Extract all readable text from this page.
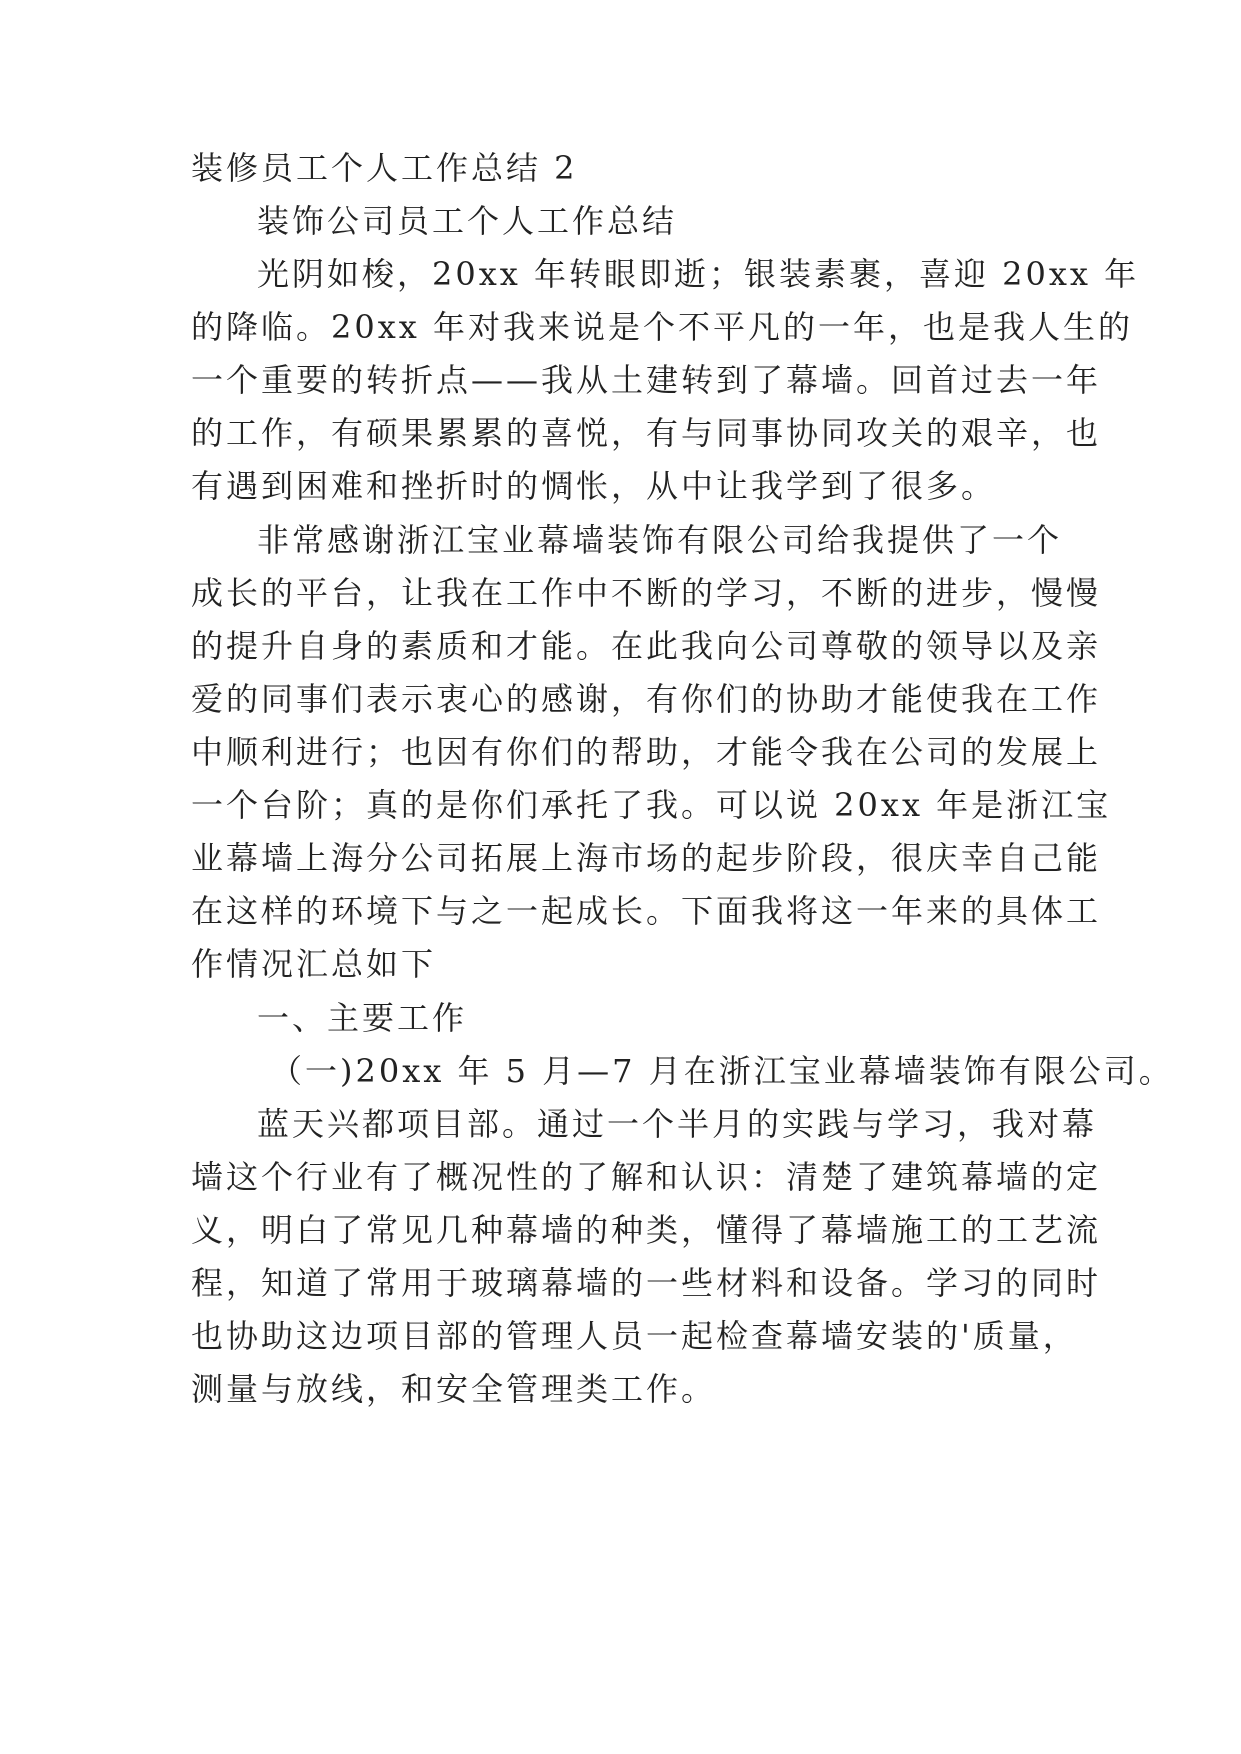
装修员工个人工作总结 2
装饰公司员工个人工作总结
光阴如梭，20xx 年转眼即逝；银装素裹，喜迎 20xx 年
的降临。20xx 年对我来说是个不平凡的一年，也是我人生的
一个重要的转折点——我从土建转到了幕墙。回首过去一年
的工作，有硕果累累的喜悦，有与同事协同攻关的艰辛，也
有遇到困难和挫折时的惆怅，从中让我学到了很多。
非常感谢浙江宝业幕墙装饰有限公司给我提供了一个
成长的平台，让我在工作中不断的学习，不断的进步，慢慢
的提升自身的素质和才能。在此我向公司尊敬的领导以及亲
爱的同事们表示衷心的感谢，有你们的协助才能使我在工作
中顺利进行；也因有你们的帮助，才能令我在公司的发展上
一个台阶；真的是你们承托了我。可以说 20xx 年是浙江宝
业幕墙上海分公司拓展上海市场的起步阶段，很庆幸自己能
在这样的环境下与之一起成长。下面我将这一年来的具体工
作情况汇总如下
一、主要工作
（一)20xx 年 5 月—7 月在浙江宝业幕墙装饰有限公司。
蓝天兴都项目部。通过一个半月的实践与学习，我对幕
墙这个行业有了概况性的了解和认识：清楚了建筑幕墙的定
义，明白了常见几种幕墙的种类，懂得了幕墙施工的工艺流
程，知道了常用于玻璃幕墙的一些材料和设备。学习的同时
也协助这边项目部的管理人员一起检查幕墙安装的'质量，
测量与放线，和安全管理类工作。
